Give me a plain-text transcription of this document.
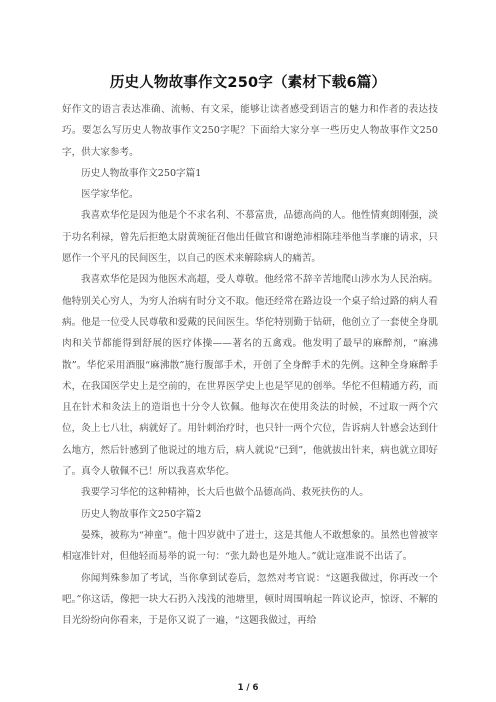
历史人物故事作文250字（素材下载6篇）

好作文的语言表达准确、流畅、有文采，能够让读者感受到语言的魅力和作者的表达技巧。要怎么写历史人物故事作文250字呢？下面给大家分享一些历史人物故事作文250字，供大家参考。

历史人物故事作文250字篇1

医学家华佗。

我喜欢华佗是因为他是个不求名利、不慕富贵，品德高尚的人。他性情爽朗刚强，淡于功名利禄，曾先后拒绝太尉黄琬征召他出任做官和谢绝沛相陈珪举他当孝廉的请求，只愿作一个平凡的民间医生，以自己的医术来解除病人的痛苦。

我喜欢华佗是因为他医术高超，受人尊敬。他经常不辞辛苦地爬山涉水为人民治病。他特别关心穷人，为穷人治病有时分文不取。他还经常在路边设一个桌子给过路的病人看病。他是一位受人民尊敬和爱戴的民间医生。华佗特别勤于钻研，他创立了一套使全身肌肉和关节都能得到舒展的医疗体操——著名的五禽戏。他发明了最早的麻醉剂，“麻沸散”。华佗采用酒服“麻沸散”施行腹部手术，开创了全身醉手术的先例。这种全身麻醉手术，在我国医学史上是空前的，在世界医学史上也是罕见的创举。华佗不但精通方药，而且在针术和灸法上的造诣也十分令人钦佩。他每次在使用灸法的时候，不过取一两个穴位，灸上七八壮，病就好了。用针刺治疗时，也只针一两个穴位，告诉病人针感会达到什么地方，然后针感到了他说过的地方后，病人就说“已到”，他就拔出针来，病也就立即好了。真令人敬佩不已！所以我喜欢华佗。

我要学习华佗的这种精神，长大后也做个品德高尚、救死扶伤的人。

历史人物故事作文250字篇2

晏殊，被称为“神童”。他十四岁就中了进士，这是其他人不敢想象的。虽然也曾被宰相寇准针对，但他轻而易举的说一句：“张九龄也是外地人。”就让寇准说不出话了。

你闻判殊参加了考试，当你拿到试卷后，忽然对考官说：“这题我做过，你再改一个吧。”你这话，像把一块大石扔入浅浅的池塘里，顿时周围响起一阵议论声，惊讶、不解的目光纷纷向你看来，于是你又说了一遍，“这题我做过，再给

1 / 6
